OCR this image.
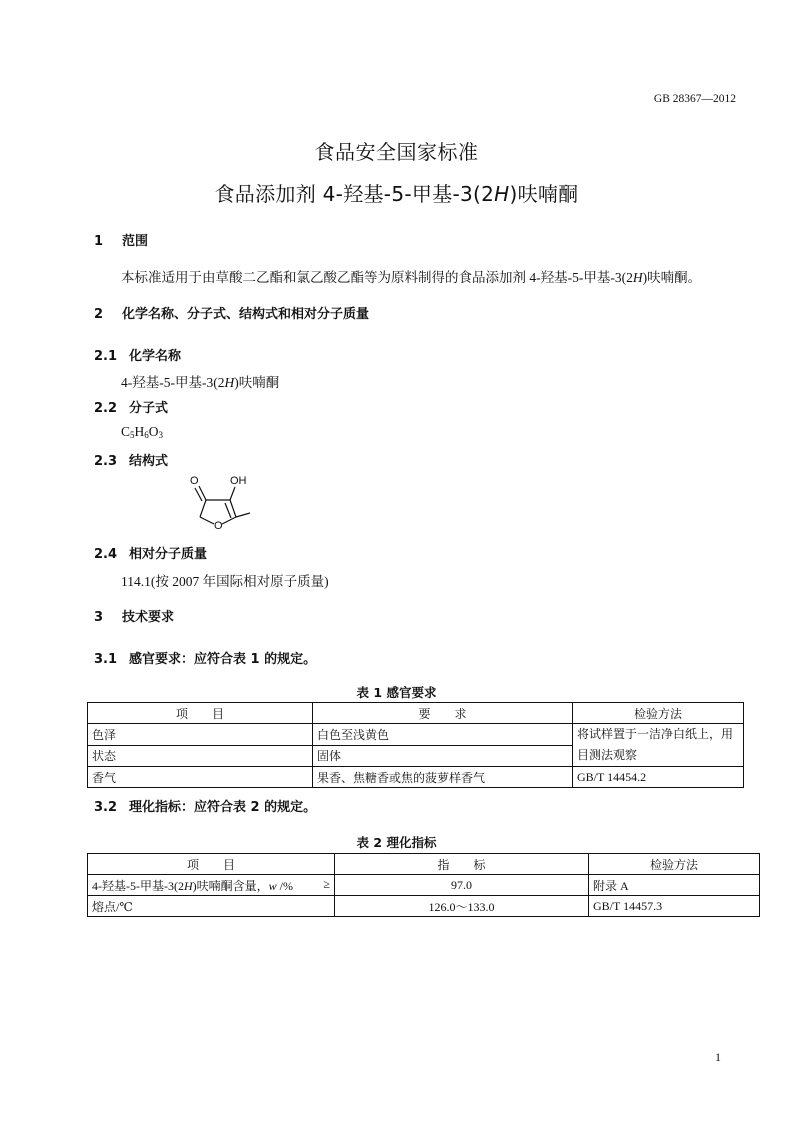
GB 28367—2012
食品安全国家标准
食品添加剂 4-羟基-5-甲基-3(2H)呋喃酮
1 范围
本标准适用于由草酸二乙酯和氯乙酸乙酯等为原料制得的食品添加剂 4-羟基-5-甲基-3(2H)呋喃酮。
2 化学名称、分子式、结构式和相对分子质量
2.1 化学名称
4-羟基-5-甲基-3(2H)呋喃酮
2.2 分子式
$C_5H_6O_3$
2.3 结构式
O	OH
O
2.4 相对分子质量
114.1(按 2007 年国际相对原子质量)
3 技术要求
3.1 感官要求：应符合表 1 的规定。
表 1 感官要求
项　　目	要　　求	检验方法
色泽	白色至浅黄色	将试样置于一洁净白纸上，用
目测法观察

状态	固体	
香气	果香、焦糖香或焦的菠萝样香气	GB/T 14454.2
3.2 理化指标：应符合表 2 的规定。
表 2 理化指标
项　　目	指　　标	检验方法
4-羟基-5-甲基-3(2H)呋喃酮含量，w /% ≥	97.0	附录 A
熔点/℃	126.0～133.0	GB/T 14457.3
1
